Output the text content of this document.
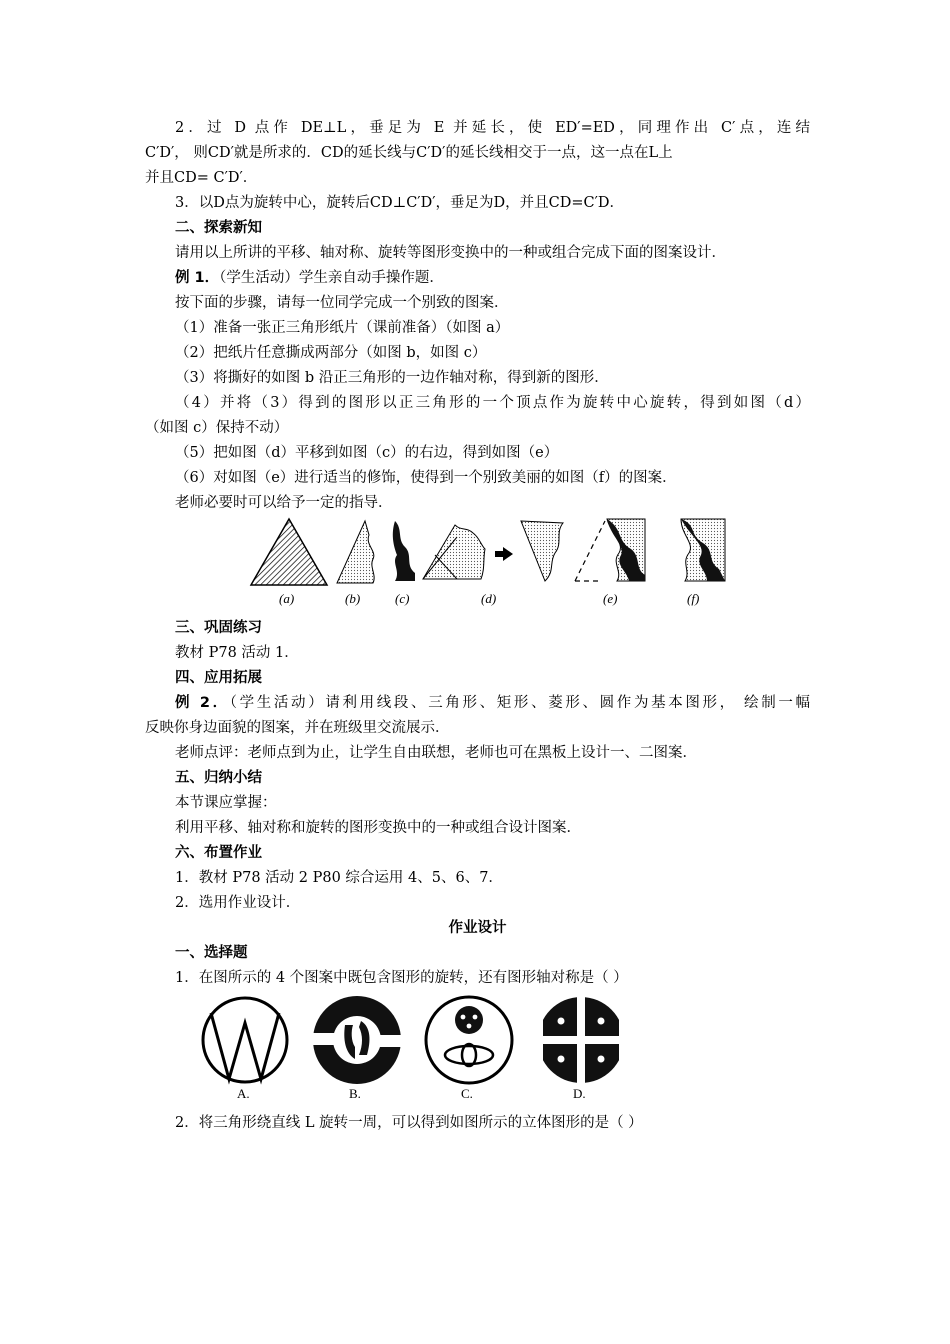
2．过 D 点作 DE⊥L，垂足为 E 并延长，使 ED′=ED，同理作出 C′点，连结
C′D′， 则CD′就是所求的．CD的延长线与C′D′的延长线相交于一点，这一点在L上
并且CD= C′D′．
3．以D点为旋转中心，旋转后CD⊥C′D′，垂足为D，并且CD=C′D．
二、探索新知
请用以上所讲的平移、轴对称、旋转等图形变换中的一种或组合完成下面的图案设计．
例 1．（学生活动）学生亲自动手操作题．
按下面的步骤，请每一位同学完成一个别致的图案．
（1）准备一张正三角形纸片（课前准备）（如图 a）
（2）把纸片任意撕成两部分（如图 b，如图 c）
（3）将撕好的如图 b 沿正三角形的一边作轴对称，得到新的图形．
（4）并将（3）得到的图形以正三角形的一个顶点作为旋转中心旋转，得到如图（d）
（如图 c）保持不动）
（5）把如图（d）平移到如图（c）的右边，得到如图（e）
（6）对如图（e）进行适当的修饰，使得到一个别致美丽的如图（f）的图案．
老师必要时可以给予一定的指导．
(a)	(b)	(c)	(d)	(e)	(f)
三、巩固练习
教材 P78 活动 1．
四、应用拓展
例 2．（学生活动）请利用线段、三角形、矩形、菱形、圆作为基本图形， 绘制一幅
反映你身边面貌的图案，并在班级里交流展示．
老师点评：老师点到为止，让学生自由联想，老师也可在黑板上设计一、二图案．
五、归纳小结
本节课应掌握：
利用平移、轴对称和旋转的图形变换中的一种或组合设计图案．
六、布置作业
1．教材 P78 活动 2 P80 综合运用 4、5、6、7．
2．选用作业设计．
作业设计
一、选择题
1．在图所示的 4 个图案中既包含图形的旋转，还有图形轴对称是（ ）
A.	B.	C.	D.
2．将三角形绕直线 L 旋转一周，可以得到如图所示的立体图形的是（ ）
